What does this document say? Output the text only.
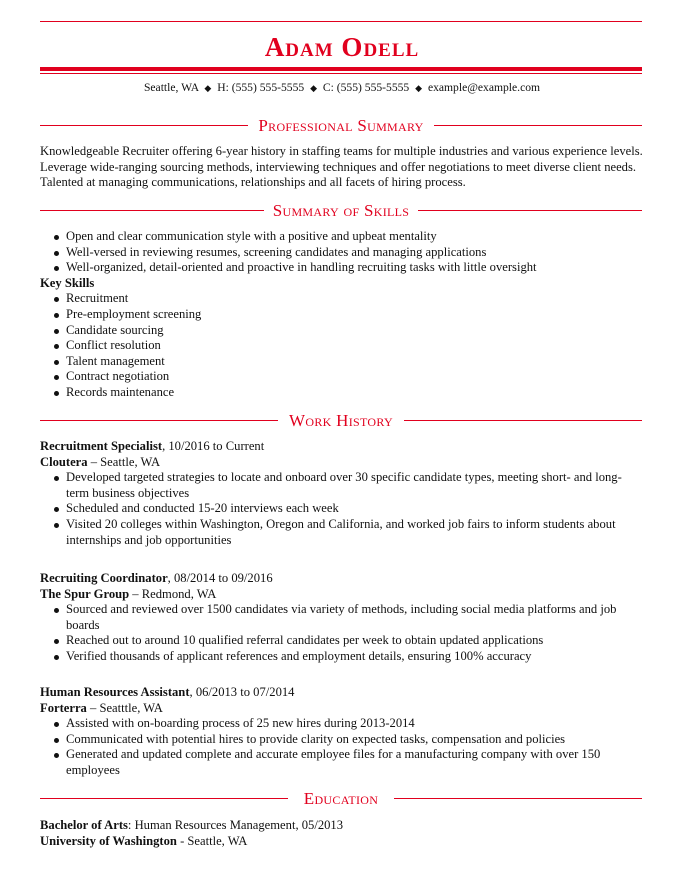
Adam Odell
Seattle, WA ◆ H: (555) 555-5555 ◆ C: (555) 555-5555 ◆ example@example.com
Professional Summary

Knowledgeable Recruiter offering 6-year history in staffing teams for multiple industries and various experience levels. Leverage wide-ranging sourcing methods, interviewing techniques and offer negotiations to meet diverse client needs. Talented at managing communications, relationships and all facets of hiring process.

Summary of Skills
Open and clear communication style with a positive and upbeat mentality
Well-versed in reviewing resumes, screening candidates and managing applications
Well-organized, detail-oriented and proactive in handling recruiting tasks with little oversight
Key Skills
Recruitment
Pre-employment screening
Candidate sourcing
Conflict resolution
Talent management
Contract negotiation
Records maintenance
Work History
Recruitment Specialist, 10/2016 to Current
Cloutera – Seattle, WA
Developed targeted strategies to locate and onboard over 30 specific candidate types, meeting short- and long-term business objectives
Scheduled and conducted 15-20 interviews each week
Visited 20 colleges within Washington, Oregon and California, and worked job fairs to inform students about internships and job opportunities
Recruiting Coordinator, 08/2014 to 09/2016
The Spur Group – Redmond, WA
Sourced and reviewed over 1500 candidates via variety of methods, including social media platforms and job boards
Reached out to around 10 qualified referral candidates per week to obtain updated applications
Verified thousands of applicant references and employment details, ensuring 100% accuracy
Human Resources Assistant, 06/2013 to 07/2014
Forterra – Seatttle, WA
Assisted with on-boarding process of 25 new hires during 2013-2014
Communicated with potential hires to provide clarity on expected tasks, compensation and policies
Generated and updated complete and accurate employee files for a manufacturing company with over 150 employees
Education
Bachelor of Arts: Human Resources Management, 05/2013
University of Washington - Seattle, WA
